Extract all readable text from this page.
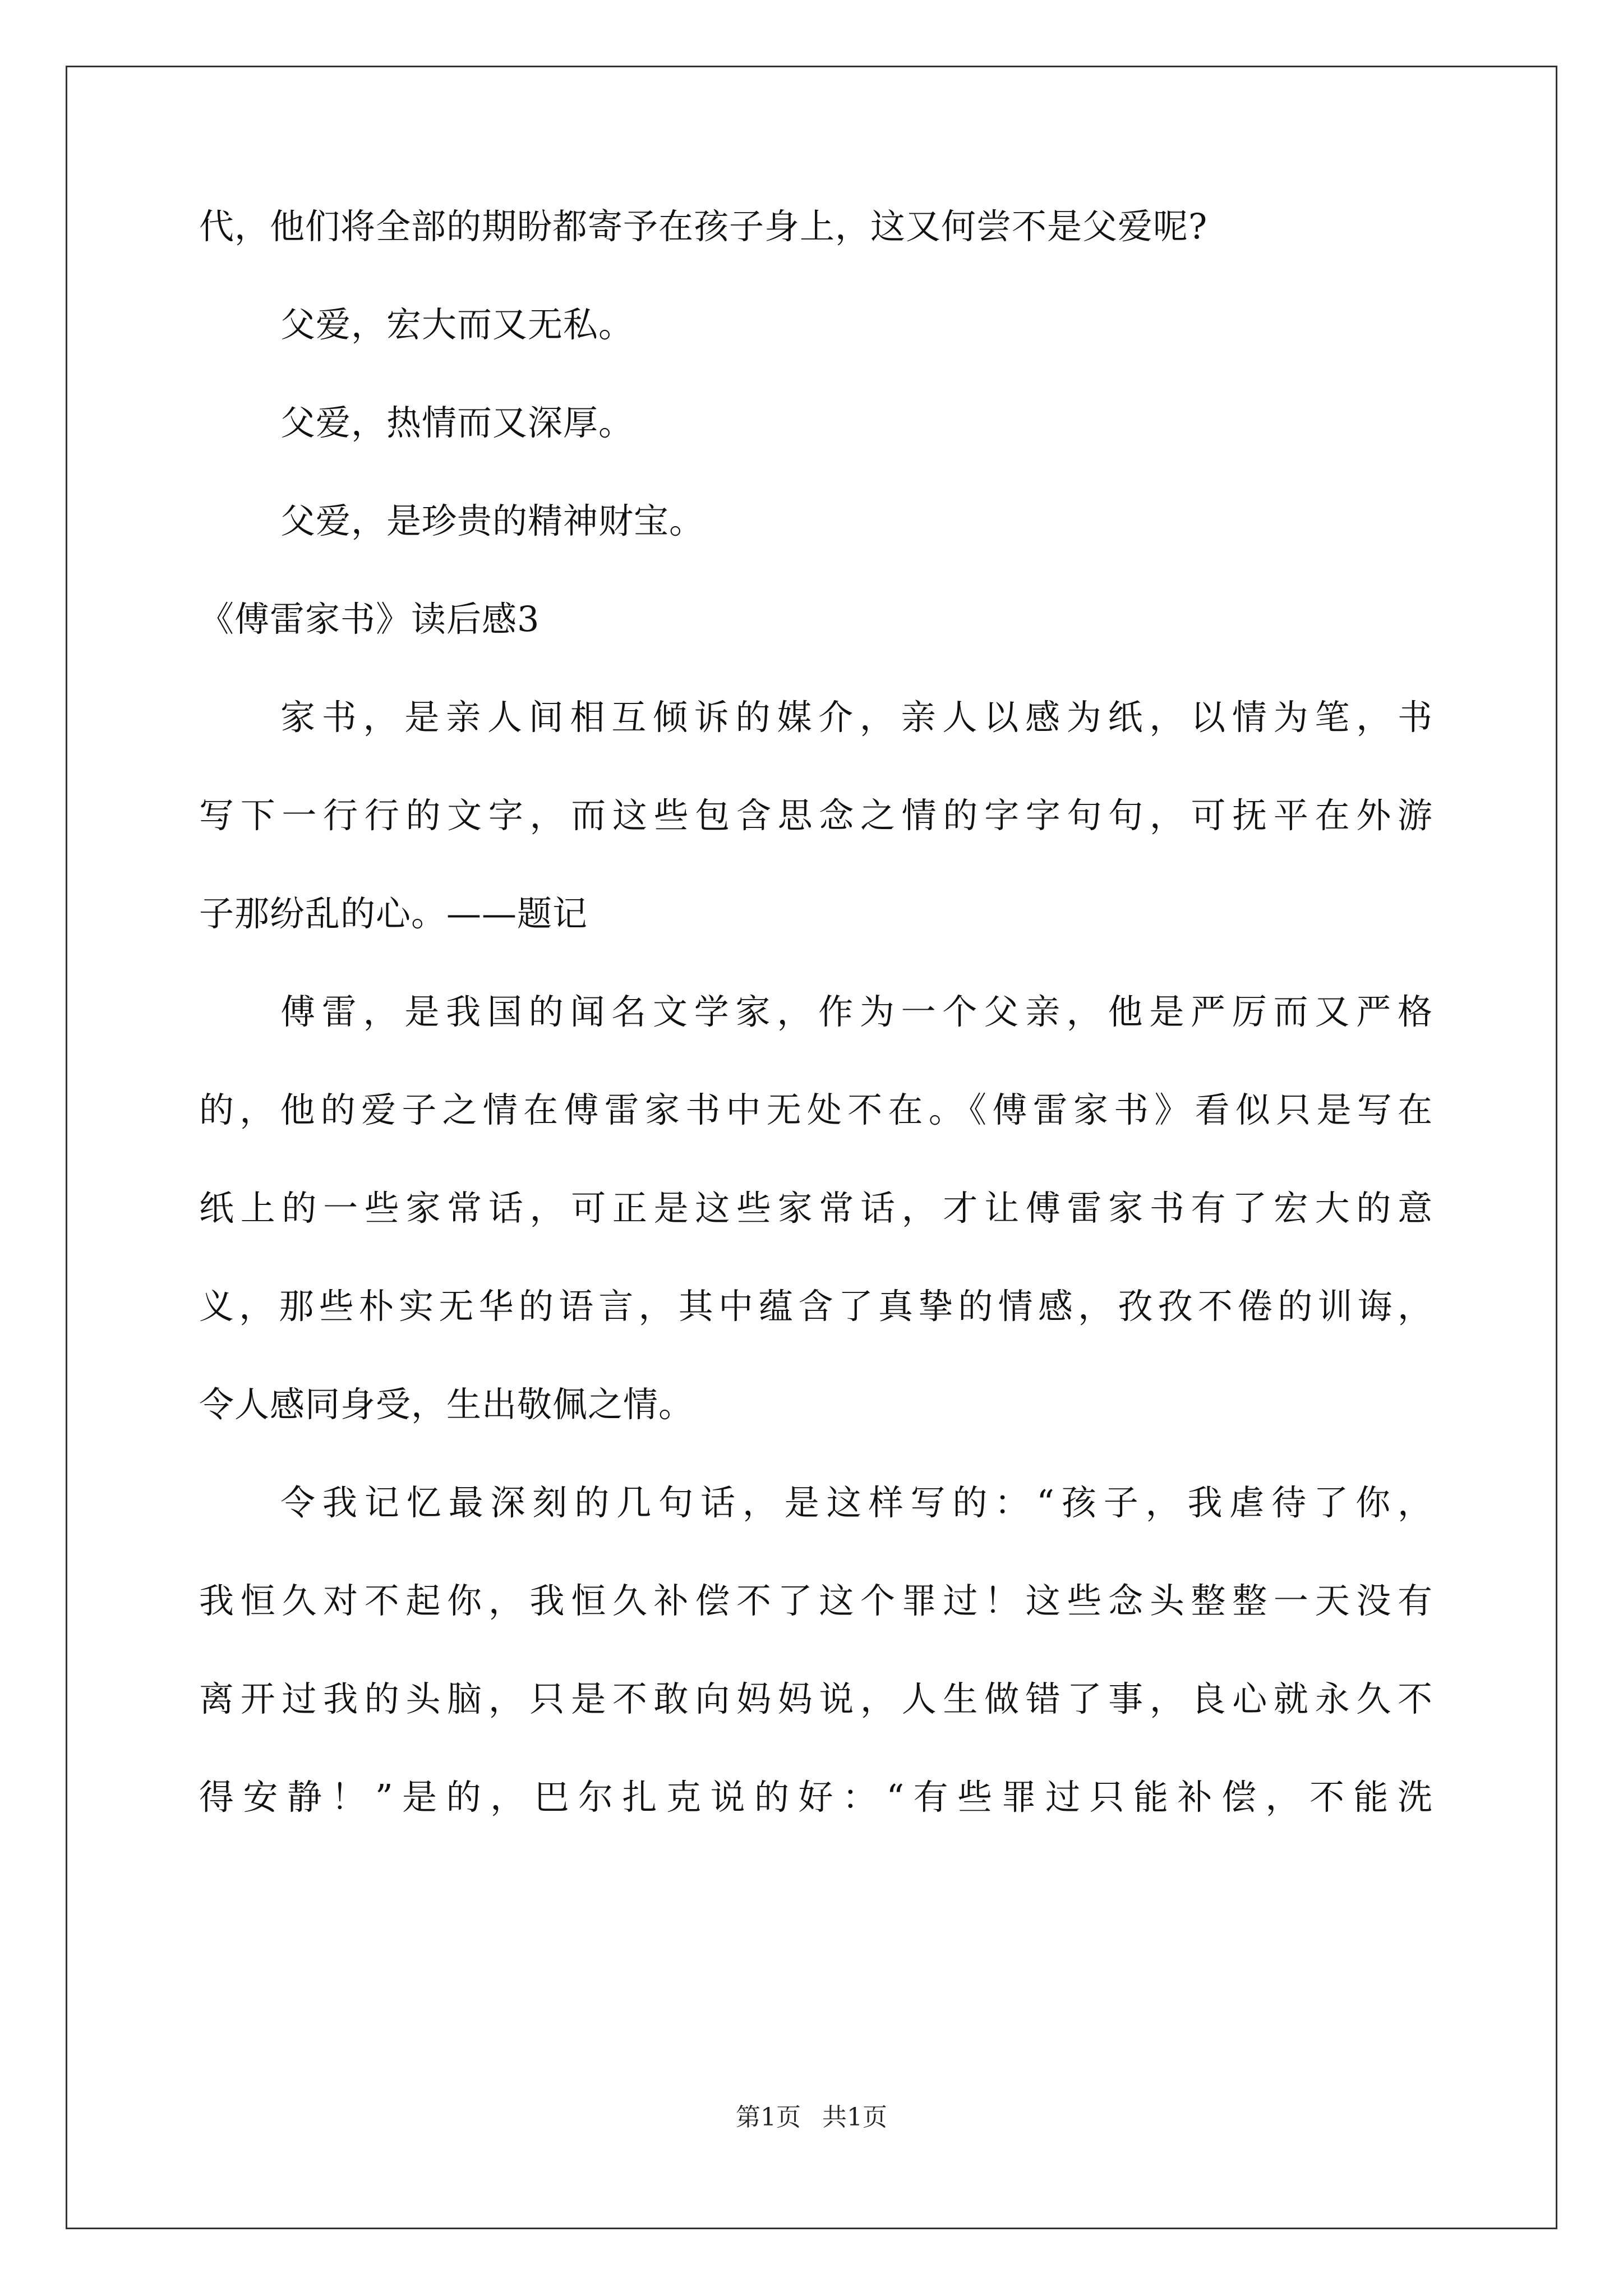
代，他们将全部的期盼都寄予在孩子身上，这又何尝不是父爱呢?
父爱，宏大而又无私。
父爱，热情而又深厚。
父爱，是珍贵的精神财宝。
《傅雷家书》读后感3
家书，是亲人间相互倾诉的媒介，亲人以感为纸，以情为笔，书
写下一行行的文字，而这些包含思念之情的字字句句，可抚平在外游
子那纷乱的心。——题记
傅雷，是我国的闻名文学家，作为一个父亲，他是严厉而又严格
的，他的爱子之情在傅雷家书中无处不在。《傅雷家书》看似只是写在
纸上的一些家常话，可正是这些家常话，才让傅雷家书有了宏大的意
义，那些朴实无华的语言，其中蕴含了真挚的情感，孜孜不倦的训诲，
令人感同身受，生出敬佩之情。
令我记忆最深刻的几句话，是这样写的：“孩子，我虐待了你，
我恒久对不起你，我恒久补偿不了这个罪过！这些念头整整一天没有
离开过我的头脑，只是不敢向妈妈说，人生做错了事，良心就永久不
得安静！”是的，巴尔扎克说的好：“有些罪过只能补偿，不能洗
第1页 共1页
